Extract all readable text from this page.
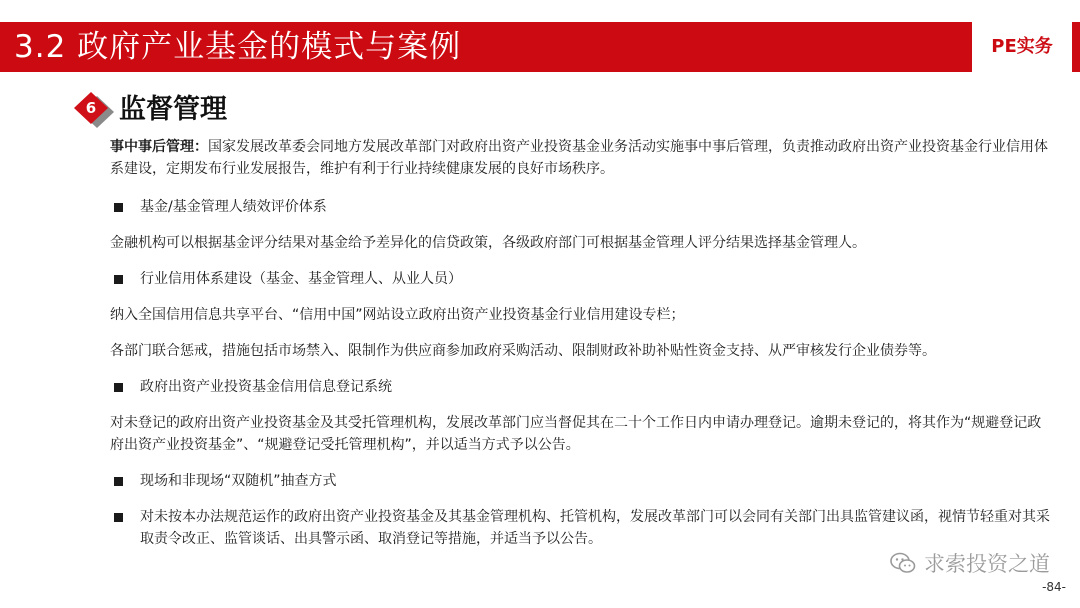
3.2 政府产业基金的模式与案例	PE实务
6 监督管理

事中事后管理：国家发展改革委会同地方发展改革部门对政府出资产业投资基金业务活动实施事中事后管理，负责推动政府出资产业投资基金行业信用体系建设，定期发布行业发展报告，维护有利于行业持续健康发展的良好市场秩序。

基金/基金管理人绩效评价体系

金融机构可以根据基金评分结果对基金给予差异化的信贷政策，各级政府部门可根据基金管理人评分结果选择基金管理人。

行业信用体系建设（基金、基金管理人、从业人员）

纳入全国信用信息共享平台、“信用中国”网站设立政府出资产业投资基金行业信用建设专栏；

各部门联合惩戒，措施包括市场禁入、限制作为供应商参加政府采购活动、限制财政补助补贴性资金支持、从严审核发行企业债券等。

政府出资产业投资基金信用信息登记系统

对未登记的政府出资产业投资基金及其受托管理机构，发展改革部门应当督促其在二十个工作日内申请办理登记。逾期未登记的，将其作为“规避登记政府出资产业投资基金”、“规避登记受托管理机构”，并以适当方式予以公告。

现场和非现场“双随机”抽查方式

对未按本办法规范运作的政府出资产业投资基金及其基金管理机构、托管机构，发展改革部门可以会同有关部门出具监管建议函，视情节轻重对其采取责令改正、监管谈话、出具警示函、取消登记等措施，并适当予以公告。

求索投资之道
-84-
